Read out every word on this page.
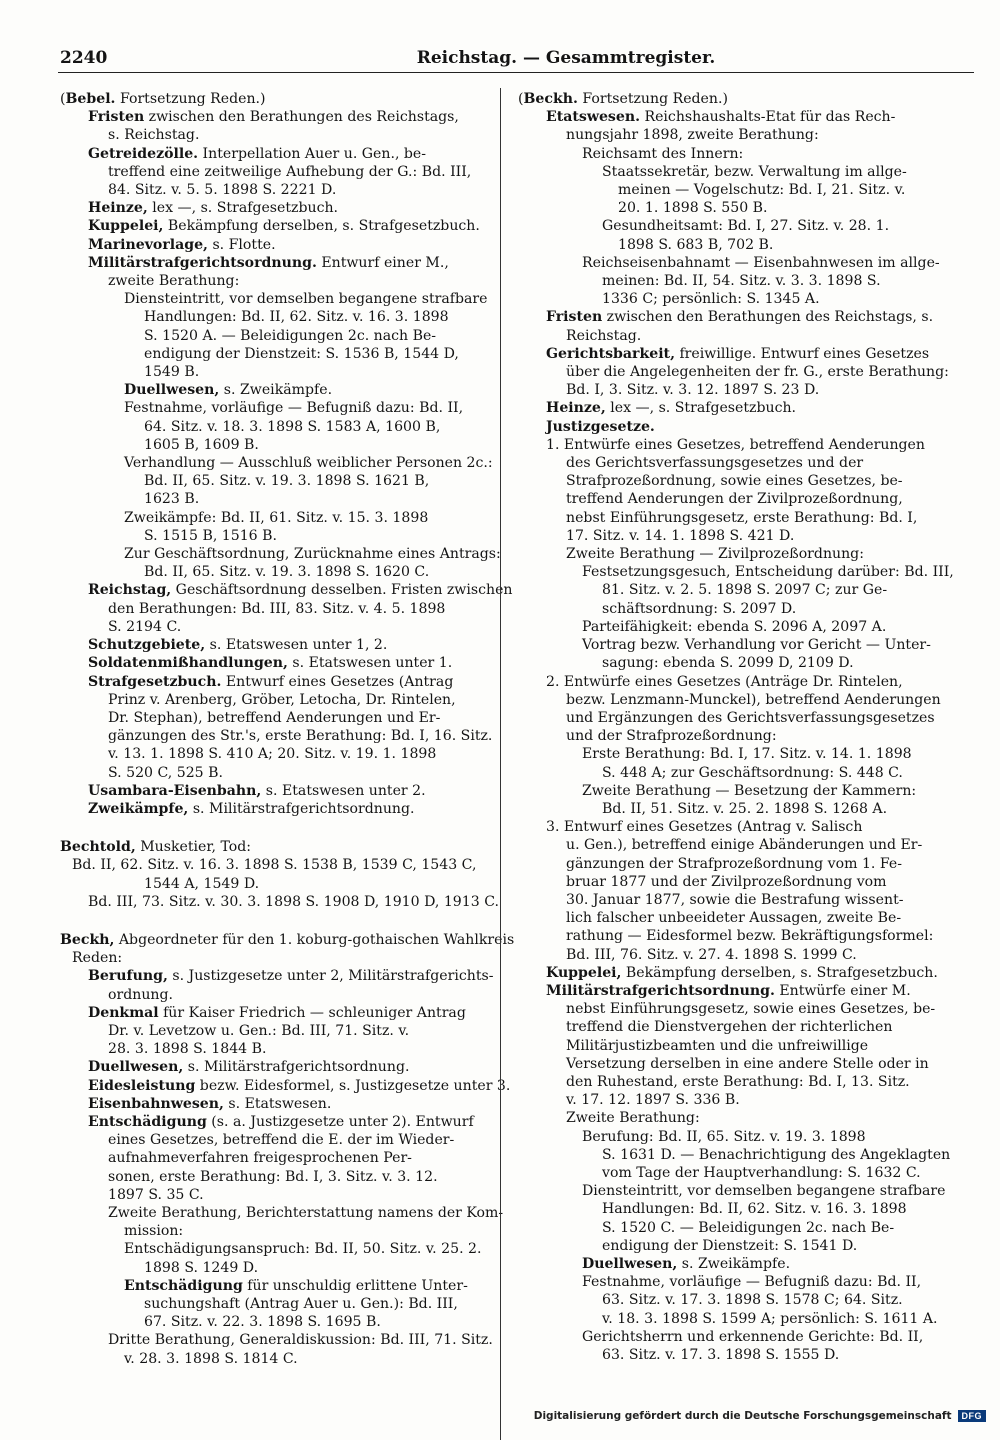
2240	Reichstag. — Gesammtregister.
(Bebel. Fortsetzung Reden.)
Fristen zwischen den Berathungen des Reichstags,
s. Reichstag.
Getreidezölle. Interpellation Auer u. Gen., be-
treffend eine zeitweilige Aufhebung der G.: Bd. III,
84. Sitz. v. 5. 5. 1898 S. 2221 D.
Heinze, lex —, s. Strafgesetzbuch.
Kuppelei, Bekämpfung derselben, s. Strafgesetzbuch.
Marinevorlage, s. Flotte.
Militärstrafgerichtsordnung. Entwurf einer M.,
zweite Berathung:
Diensteintritt, vor demselben begangene strafbare
Handlungen: Bd. II, 62. Sitz. v. 16. 3. 1898
S. 1520 A. — Beleidigungen 2c. nach Be-
endigung der Dienstzeit: S. 1536 B, 1544 D,
1549 B.
Duellwesen, s. Zweikämpfe.
Festnahme, vorläufige — Befugniß dazu: Bd. II,
64. Sitz. v. 18. 3. 1898 S. 1583 A, 1600 B,
1605 B, 1609 B.
Verhandlung — Ausschluß weiblicher Personen 2c.:
Bd. II, 65. Sitz. v. 19. 3. 1898 S. 1621 B,
1623 B.
Zweikämpfe: Bd. II, 61. Sitz. v. 15. 3. 1898
S. 1515 B, 1516 B.
Zur Geschäftsordnung, Zurücknahme eines Antrags:
Bd. II, 65. Sitz. v. 19. 3. 1898 S. 1620 C.
Reichstag, Geschäftsordnung desselben. Fristen zwischen
den Berathungen: Bd. III, 83. Sitz. v. 4. 5. 1898
S. 2194 C.
Schutzgebiete, s. Etatswesen unter 1, 2.
Soldatenmißhandlungen, s. Etatswesen unter 1.
Strafgesetzbuch. Entwurf eines Gesetzes (Antrag
Prinz v. Arenberg, Gröber, Letocha, Dr. Rintelen,
Dr. Stephan), betreffend Aenderungen und Er-
gänzungen des Str.'s, erste Berathung: Bd. I, 16. Sitz.
v. 13. 1. 1898 S. 410 A; 20. Sitz. v. 19. 1. 1898
S. 520 C, 525 B.
Usambara-Eisenbahn, s. Etatswesen unter 2.
Zweikämpfe, s. Militärstrafgerichtsordnung.
Bechtold, Musketier, Tod:
Bd. II, 62. Sitz. v. 16. 3. 1898 S. 1538 B, 1539 C, 1543 C,
1544 A, 1549 D.
Bd. III, 73. Sitz. v. 30. 3. 1898 S. 1908 D, 1910 D, 1913 C.
Beckh, Abgeordneter für den 1. koburg-gothaischen Wahlkreis
Reden:
Berufung, s. Justizgesetze unter 2, Militärstrafgerichts-
ordnung.
Denkmal für Kaiser Friedrich — schleuniger Antrag
Dr. v. Levetzow u. Gen.: Bd. III, 71. Sitz. v.
28. 3. 1898 S. 1844 B.
Duellwesen, s. Militärstrafgerichtsordnung.
Eidesleistung bezw. Eidesformel, s. Justizgesetze unter 3.
Eisenbahnwesen, s. Etatswesen.
Entschädigung (s. a. Justizgesetze unter 2). Entwurf
eines Gesetzes, betreffend die E. der im Wieder-
aufnahmeverfahren freigesprochenen Per-
sonen, erste Berathung: Bd. I, 3. Sitz. v. 3. 12.
1897 S. 35 C.
Zweite Berathung, Berichterstattung namens der Kom-
mission:
Entschädigungsanspruch: Bd. II, 50. Sitz. v. 25. 2.
1898 S. 1249 D.
Entschädigung für unschuldig erlittene Unter-
suchungshaft (Antrag Auer u. Gen.): Bd. III,
67. Sitz. v. 22. 3. 1898 S. 1695 B.
Dritte Berathung, Generaldiskussion: Bd. III, 71. Sitz.
v. 28. 3. 1898 S. 1814 C.
(Beckh. Fortsetzung Reden.)
Etatswesen. Reichshaushalts-Etat für das Rech-
nungsjahr 1898, zweite Berathung:
Reichsamt des Innern:
Staatssekretär, bezw. Verwaltung im allge-
meinen — Vogelschutz: Bd. I, 21. Sitz. v.
20. 1. 1898 S. 550 B.
Gesundheitsamt: Bd. I, 27. Sitz. v. 28. 1.
1898 S. 683 B, 702 B.
Reichseisenbahnamt — Eisenbahnwesen im allge-
meinen: Bd. II, 54. Sitz. v. 3. 3. 1898 S.
1336 C; persönlich: S. 1345 A.
Fristen zwischen den Berathungen des Reichstags, s.
Reichstag.
Gerichtsbarkeit, freiwillige. Entwurf eines Gesetzes
über die Angelegenheiten der fr. G., erste Berathung:
Bd. I, 3. Sitz. v. 3. 12. 1897 S. 23 D.
Heinze, lex —, s. Strafgesetzbuch.
Justizgesetze.
1. Entwürfe eines Gesetzes, betreffend Aenderungen
des Gerichtsverfassungsgesetzes und der
Strafprozeßordnung, sowie eines Gesetzes, be-
treffend Aenderungen der Zivilprozeßordnung,
nebst Einführungsgesetz, erste Berathung: Bd. I,
17. Sitz. v. 14. 1. 1898 S. 421 D.
Zweite Berathung — Zivilprozeßordnung:
Festsetzungsgesuch, Entscheidung darüber: Bd. III,
81. Sitz. v. 2. 5. 1898 S. 2097 C; zur Ge-
schäftsordnung: S. 2097 D.
Parteifähigkeit: ebenda S. 2096 A, 2097 A.
Vortrag bezw. Verhandlung vor Gericht — Unter-
sagung: ebenda S. 2099 D, 2109 D.
2. Entwürfe eines Gesetzes (Anträge Dr. Rintelen,
bezw. Lenzmann-Munckel), betreffend Aenderungen
und Ergänzungen des Gerichtsverfassungsgesetzes
und der Strafprozeßordnung:
Erste Berathung: Bd. I, 17. Sitz. v. 14. 1. 1898
S. 448 A; zur Geschäftsordnung: S. 448 C.
Zweite Berathung — Besetzung der Kammern:
Bd. II, 51. Sitz. v. 25. 2. 1898 S. 1268 A.
3. Entwurf eines Gesetzes (Antrag v. Salisch
u. Gen.), betreffend einige Abänderungen und Er-
gänzungen der Strafprozeßordnung vom 1. Fe-
bruar 1877 und der Zivilprozeßordnung vom
30. Januar 1877, sowie die Bestrafung wissent-
lich falscher unbeeideter Aussagen, zweite Be-
rathung — Eidesformel bezw. Bekräftigungsformel:
Bd. III, 76. Sitz. v. 27. 4. 1898 S. 1999 C.
Kuppelei, Bekämpfung derselben, s. Strafgesetzbuch.
Militärstrafgerichtsordnung. Entwürfe einer M.
nebst Einführungsgesetz, sowie eines Gesetzes, be-
treffend die Dienstvergehen der richterlichen
Militärjustizbeamten und die unfreiwillige
Versetzung derselben in eine andere Stelle oder in
den Ruhestand, erste Berathung: Bd. I, 13. Sitz.
v. 17. 12. 1897 S. 336 B.
Zweite Berathung:
Berufung: Bd. II, 65. Sitz. v. 19. 3. 1898
S. 1631 D. — Benachrichtigung des Angeklagten
vom Tage der Hauptverhandlung: S. 1632 C.
Diensteintritt, vor demselben begangene strafbare
Handlungen: Bd. II, 62. Sitz. v. 16. 3. 1898
S. 1520 C. — Beleidigungen 2c. nach Be-
endigung der Dienstzeit: S. 1541 D.
Duellwesen, s. Zweikämpfe.
Festnahme, vorläufige — Befugniß dazu: Bd. II,
63. Sitz. v. 17. 3. 1898 S. 1578 C; 64. Sitz.
v. 18. 3. 1898 S. 1599 A; persönlich: S. 1611 A.
Gerichtsherrn und erkennende Gerichte: Bd. II,
63. Sitz. v. 17. 3. 1898 S. 1555 D.
Digitalisierung gefördert durch die Deutsche Forschungsgemeinschaft	DFG
